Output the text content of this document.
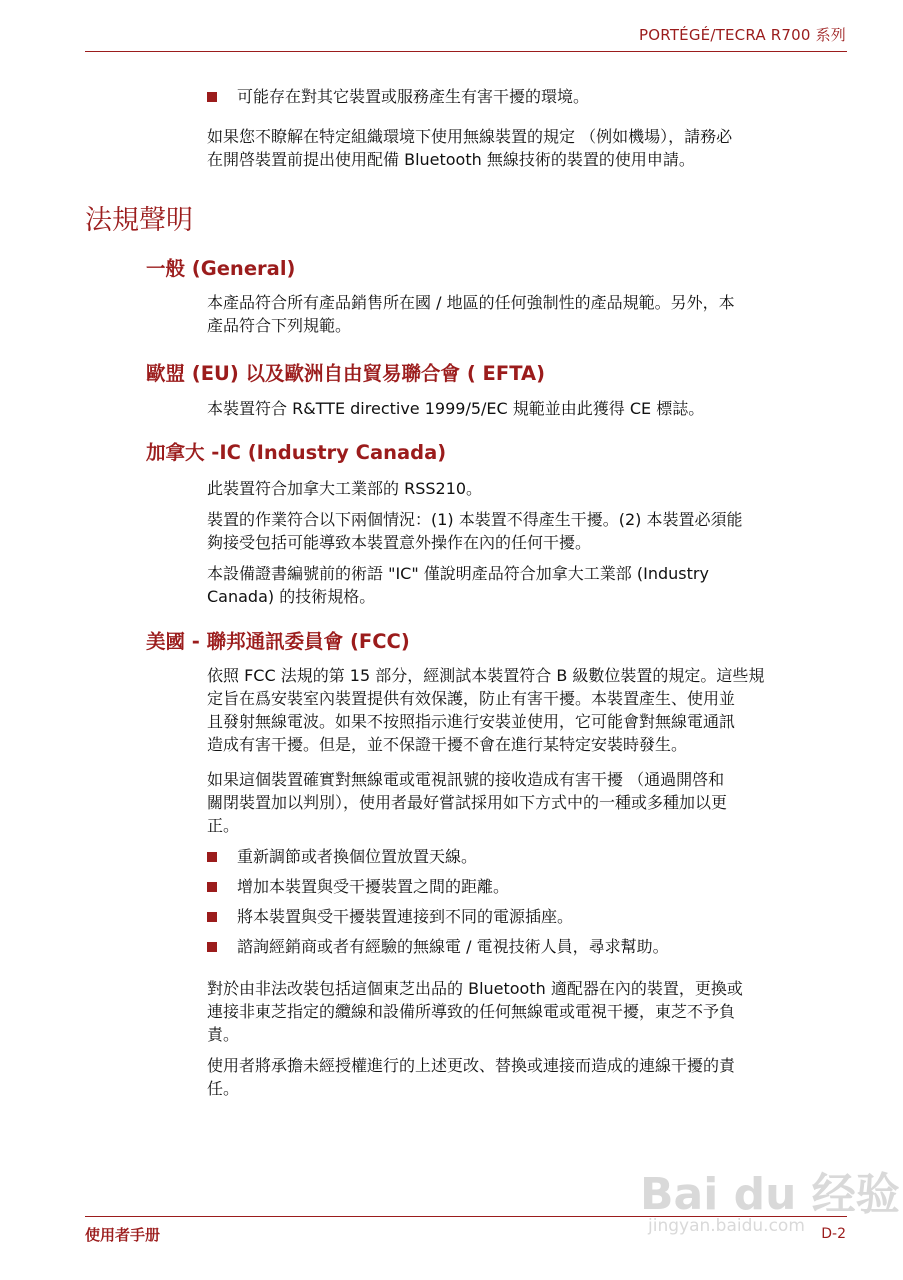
PORTÉGÉ/TECRA R700 系列
可能存在對其它裝置或服務產生有害干擾的環境。
如果您不瞭解在特定組織環境下使用無線裝置的規定 （例如機場），請務必
在開啓裝置前提出使用配備 Bluetooth 無線技術的裝置的使用申請。
法規聲明
一般 (General)
本產品符合所有產品銷售所在國 / 地區的任何強制性的產品規範。另外，本
產品符合下列規範。
歐盟 (EU) 以及歐洲自由貿易聯合會 ( EFTA)
本裝置符合 R&TTE directive 1999/5/EC 規範並由此獲得 CE 標誌。
加拿大 -IC (Industry Canada)
此裝置符合加拿大工業部的 RSS210。
裝置的作業符合以下兩個情況：(1) 本裝置不得產生干擾。(2) 本裝置必須能
夠接受包括可能導致本裝置意外操作在內的任何干擾。
本設備證書編號前的術語 "IC" 僅說明產品符合加拿大工業部 (Industry
Canada) 的技術規格。
美國 - 聯邦通訊委員會 (FCC)
依照 FCC 法規的第 15 部分，經測試本裝置符合 B 級數位裝置的規定。這些規
定旨在爲安裝室內裝置提供有效保護，防止有害干擾。本裝置產生、使用並
且發射無線電波。如果不按照指示進行安裝並使用，它可能會對無線電通訊
造成有害干擾。但是，並不保證干擾不會在進行某特定安裝時發生。
如果這個裝置確實對無線電或電視訊號的接收造成有害干擾 （通過開啓和
關閉裝置加以判別），使用者最好嘗試採用如下方式中的一種或多種加以更
正。
重新調節或者換個位置放置天線。
增加本裝置與受干擾裝置之間的距離。
將本裝置與受干擾裝置連接到不同的電源插座。
諮詢經銷商或者有經驗的無線電 / 電視技術人員，尋求幫助。
對於由非法改裝包括這個東芝出品的 Bluetooth 適配器在內的裝置，更換或
連接非東芝指定的纜線和設備所導致的任何無線電或電視干擾，東芝不予負
責。
使用者將承擔未經授權進行的上述更改、替換或連接而造成的連線干擾的責
任。
Bai du 经验
jingyan.baidu.com
使用者手册	D-2
